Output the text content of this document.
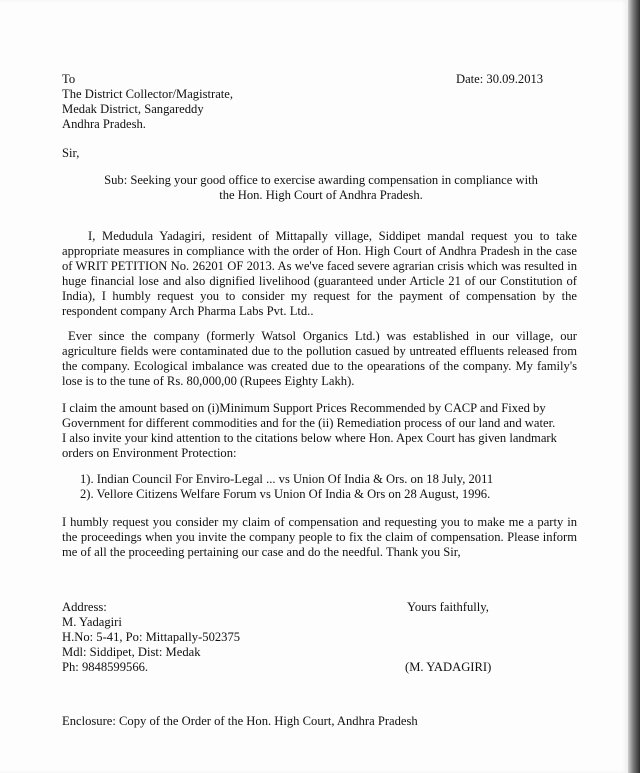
To	Date: 30.09.2013
The District Collector/Magistrate,
Medak District, Sangareddy
Andhra Pradesh.
Sir,
Sub: Seeking your good office to exercise awarding compensation in compliance with
the Hon. High Court of Andhra Pradesh.
I, Medudula Yadagiri, resident of Mittapally village, Siddipet mandal request you to take appropriate measures in compliance with the order of Hon. High Court of Andhra Pradesh in the case of WRIT PETITION No. 26201 OF 2013. As we've faced severe agrarian crisis which was resulted in huge financial lose and also dignified livelihood (guaranteed under Article 21 of our Constitution of India), I humbly request you to consider my request for the payment of compensation by the respondent company Arch Pharma Labs Pvt. Ltd..
Ever since the company (formerly Watsol Organics Ltd.) was established in our village, our agriculture fields were contaminated due to the pollution casued by untreated effluents released from the company. Ecological imbalance was created due to the opearations of the company. My family's lose is to the tune of Rs. 80,000,00 (Rupees Eighty Lakh).
I claim the amount based on (i)Minimum Support Prices Recommended by CACP and Fixed by
Government for different commodities and for the (ii) Remediation process of our land and water.
I also invite your kind attention to the citations below where Hon. Apex Court has given landmark
orders on Environment Protection:
1). Indian Council For Enviro-Legal ... vs Union Of India & Ors. on 18 July, 2011
2). Vellore Citizens Welfare Forum vs Union Of India & Ors on 28 August, 1996.
I humbly request you consider my claim of compensation and requesting you to make me a party in the proceedings when you invite the company people to fix the claim of compensation. Please inform me of all the proceeding pertaining our case and do the needful. Thank you Sir,
Address:	Yours faithfully,
M. Yadagiri
H.No: 5-41, Po: Mittapally-502375
Mdl: Siddipet, Dist: Medak
Ph: 9848599566.	(M. YADAGIRI)
Enclosure: Copy of the Order of the Hon. High Court, Andhra Pradesh
